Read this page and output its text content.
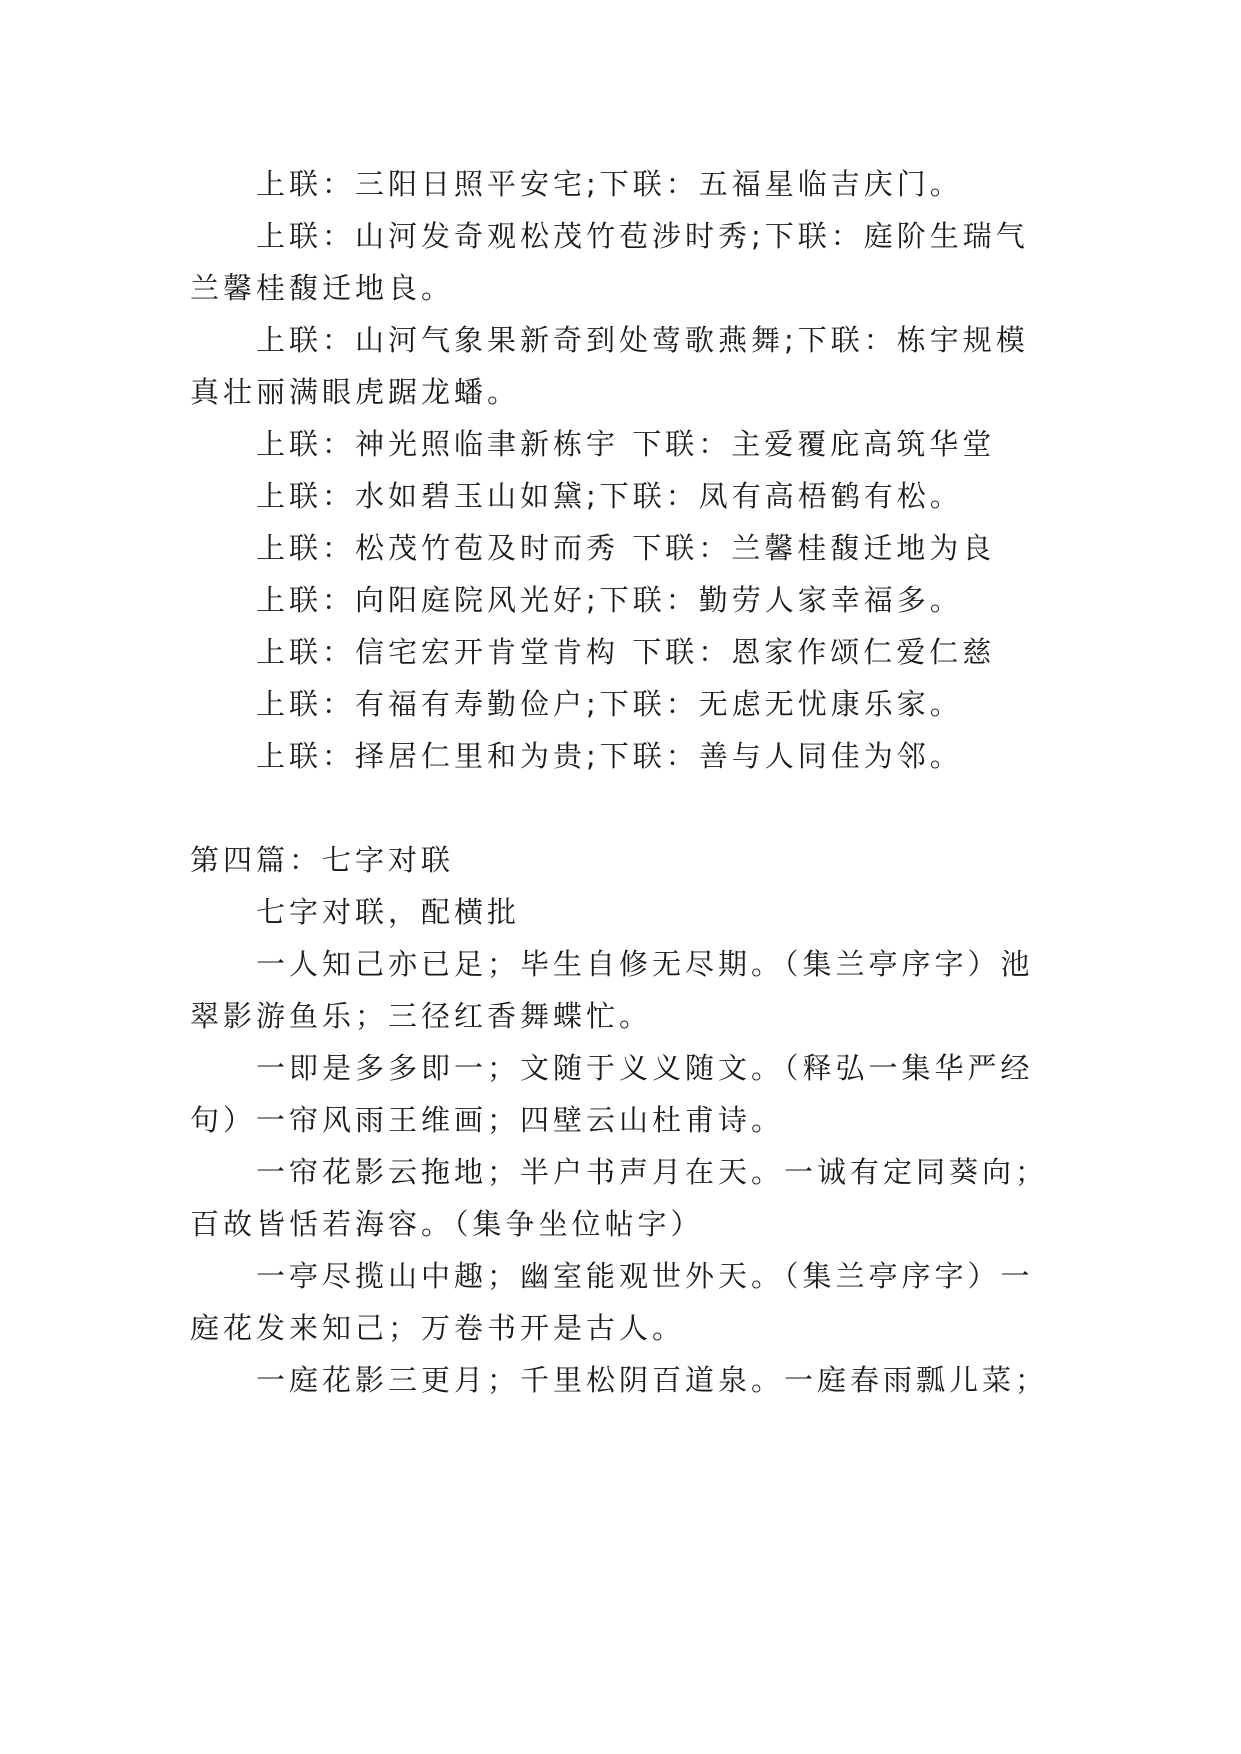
上联：三阳日照平安宅;下联：五福星临吉庆门。

上联：山河发奇观松茂竹苞涉时秀;下联：庭阶生瑞气兰馨桂馥迁地良。

上联：山河气象果新奇到处莺歌燕舞;下联：栋宇规模真壮丽满眼虎踞龙蟠。

上联：神光照临聿新栋宇 下联：主爱覆庇高筑华堂

上联：水如碧玉山如黛;下联：凤有高梧鹤有松。

上联：松茂竹苞及时而秀 下联：兰馨桂馥迁地为良

上联：向阳庭院风光好;下联：勤劳人家幸福多。

上联：信宅宏开肯堂肯构 下联：恩家作颂仁爱仁慈

上联：有福有寿勤俭户;下联：无虑无忧康乐家。

上联：择居仁里和为贵;下联：善与人同佳为邻。

第四篇：七字对联

七字对联，配横批

一人知己亦已足；毕生自修无尽期。（集兰亭序字）池翠影游鱼乐；三径红香舞蝶忙。

一即是多多即一；文随于义义随文。（释弘一集华严经句）一帘风雨王维画；四壁云山杜甫诗。

一帘花影云拖地；半户书声月在天。一诚有定同葵向；百故皆恬若海容。（集争坐位帖字）

一亭尽揽山中趣；幽室能观世外天。（集兰亭序字）一庭花发来知己；万卷书开是古人。

一庭花影三更月；千里松阴百道泉。一庭春雨瓢儿菜；
